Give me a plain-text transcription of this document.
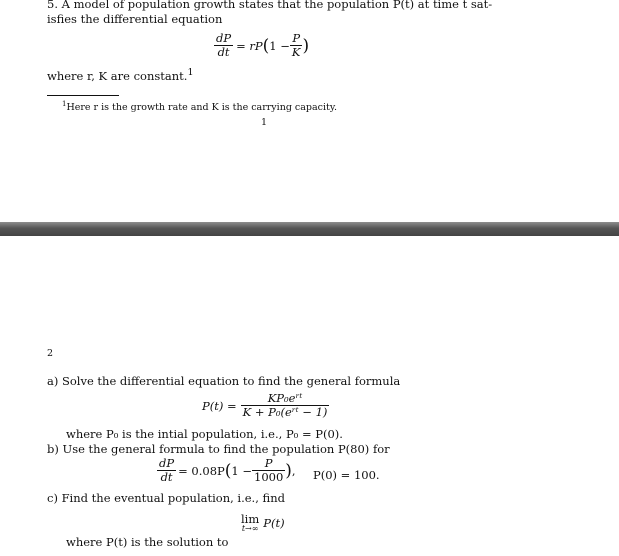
5. A model of population growth states that the population P(t) at time t sat-
isfies the differential equation
$\frac{dP}{dt}$ = rP ( $1 - \frac{P}{K}$ )
where r, K are constant.$^1$
$^1$Here r is the growth rate and K is the carrying capacity.
1
2
a) Solve the differential equation to find the general formula
$P(t) = \frac{\text{KP₀eʳᵗ}}{\text{K + P₀(eʳᵗ − 1)}}$
where P₀ is the intial population, i.e., P₀ = P(0).
b) Use the general formula to find the population P(80) for
$\frac{dP}{dt} = 0.08P$ ( $1 - \frac{P}{1000}$ ) , P(0) = 100.
c) Find the eventual population, i.e., find
lim
t→∞ P(t)
where P(t) is the solution to
